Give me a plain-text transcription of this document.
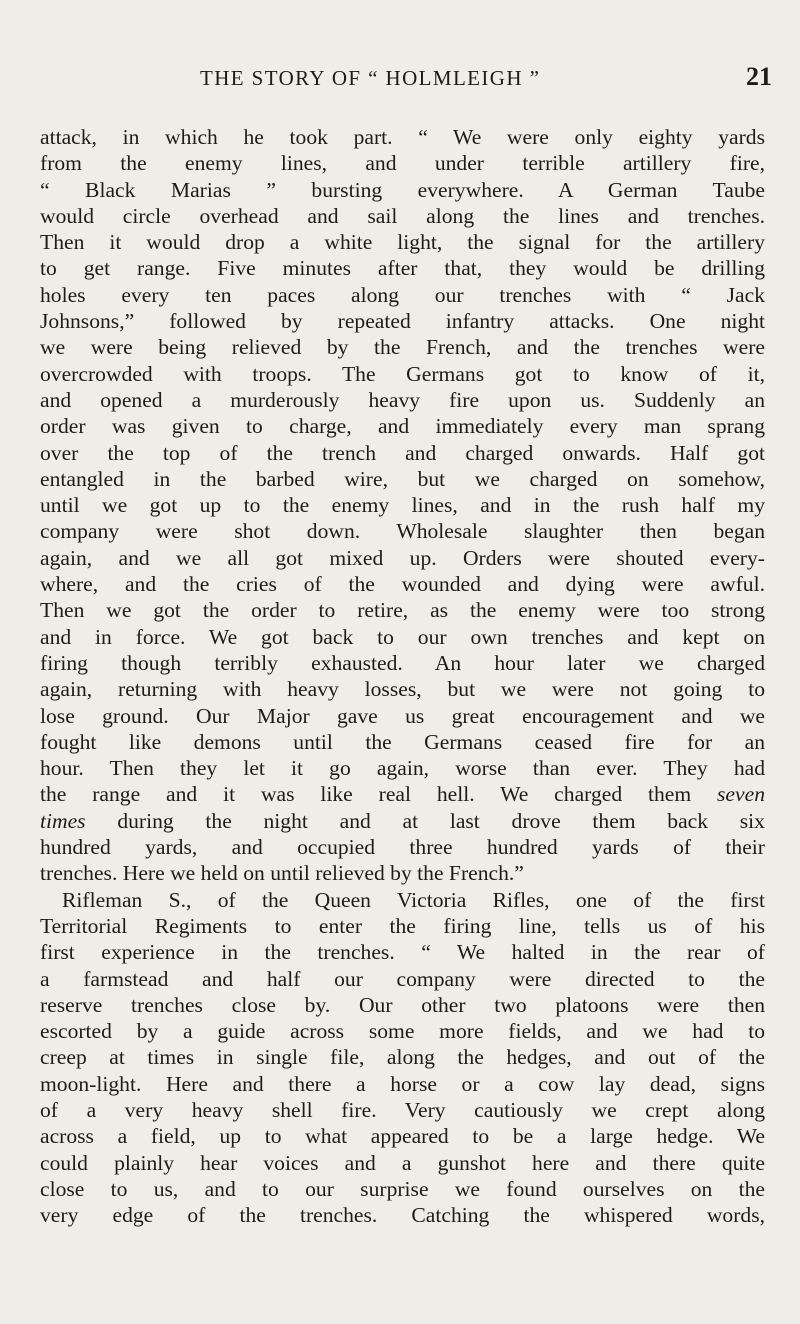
THE STORY OF “ HOLMLEIGH ”	21
attack, in which he took part. “ We were only eighty yards
from the enemy lines, and under terrible artillery fire,
“ Black Marias ” bursting everywhere. A German Taube
would circle overhead and sail along the lines and trenches.
Then it would drop a white light, the signal for the artillery
to get range. Five minutes after that, they would be drilling
holes every ten paces along our trenches with “ Jack
Johnsons,” followed by repeated infantry attacks. One night
we were being relieved by the French, and the trenches were
overcrowded with troops. The Germans got to know of it,
and opened a murderously heavy fire upon us. Suddenly an
order was given to charge, and immediately every man sprang
over the top of the trench and charged onwards. Half got
entangled in the barbed wire, but we charged on somehow,
until we got up to the enemy lines, and in the rush half my
company were shot down. Wholesale slaughter then began
again, and we all got mixed up. Orders were shouted every-
where, and the cries of the wounded and dying were awful.
Then we got the order to retire, as the enemy were too strong
and in force. We got back to our own trenches and kept on
firing though terribly exhausted. An hour later we charged
again, returning with heavy losses, but we were not going to
lose ground. Our Major gave us great encouragement and we
fought like demons until the Germans ceased fire for an
hour. Then they let it go again, worse than ever. They had
the range and it was like real hell. We charged them seven
times during the night and at last drove them back six
hundred yards, and occupied three hundred yards of their
trenches. Here we held on until relieved by the French.”
Rifleman S., of the Queen Victoria Rifles, one of the first
Territorial Regiments to enter the firing line, tells us of his
first experience in the trenches. “ We halted in the rear of
a farmstead and half our company were directed to the
reserve trenches close by. Our other two platoons were then
escorted by a guide across some more fields, and we had to
creep at times in single file, along the hedges, and out of the
moon-light. Here and there a horse or a cow lay dead, signs
of a very heavy shell fire. Very cautiously we crept along
across a field, up to what appeared to be a large hedge. We
could plainly hear voices and a gunshot here and there quite
close to us, and to our surprise we found ourselves on the
very edge of the trenches. Catching the whispered words,
